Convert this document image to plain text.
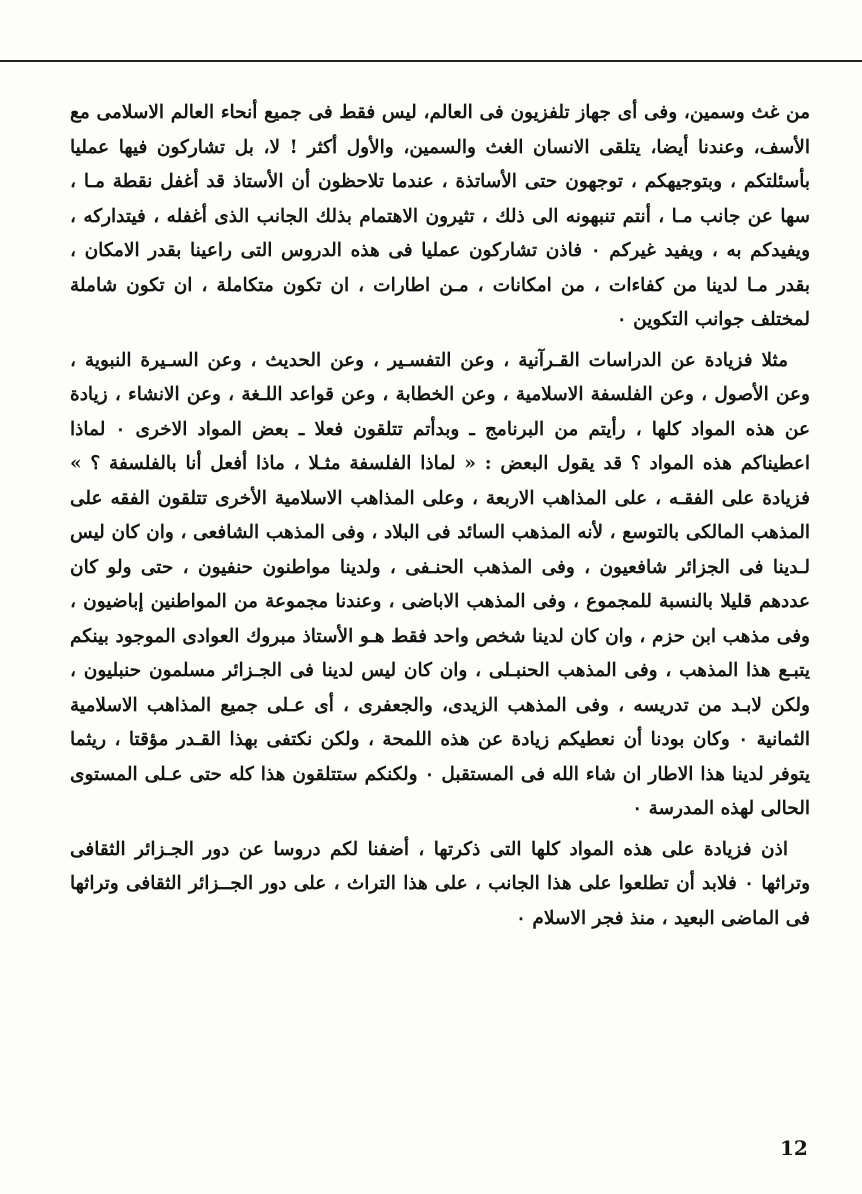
من غث وسمين، وفى أى جهاز تلفزيون فى العالم، ليس فقط فى جميع أنحاء العالم الاسلامى مع الأسف، وعندنا أيضا، يتلقى الانسان الغث والسمين، والأول أكثر ! لا، بل تشاركون فيها عمليا بأسئلتكم ، وبتوجيهكم ، توجهون حتى الأساتذة ، عندما تلاحظون أن الأستاذ قد أغفل نقطة مـا ، سها عن جانب مـا ، أنتم تنبهونه الى ذلك ، تثيرون الاهتمام بذلك الجانب الذى أغفله ، فيتداركه ، ويفيدكم به ، ويفيد غيركم ٠ فاذن تشاركون عمليا فى هذه الدروس التى راعينا بقدر الامكان ، بقدر مـا لدينا من كفاءات ، من امكانات ، مـن اطارات ، ان تكون متكاملة ، ان تكون شاملة لمختلف جوانب التكوين ٠

مثلا فزيادة عن الدراسات القـرآنية ، وعن التفسـير ، وعن الحديث ، وعن السـيرة النبوية ، وعن الأصول ، وعن الفلسفة الاسلامية ، وعن الخطابة ، وعن قواعد اللـغة ، وعن الانشاء ، زيادة عن هذه المواد كلها ، رأيتم من البرنامج ـ وبدأتم تتلقون فعلا ـ بعض المواد الاخرى ٠ لماذا اعطيناكم هذه المواد ؟ قد يقول البعض : « لماذا الفلسفة مثـلا ، ماذا أفعل أنا بالفلسفة ؟ » فزيادة على الفقـه ، على المذاهب الاربعة ، وعلى المذاهب الاسلامية الأخرى تتلقون الفقه على المذهب المالكى بالتوسع ، لأنه المذهب السائد فى البلاد ، وفى المذهب الشافعى ، وان كان ليس لـدينا فى الجزائر شافعيون ، وفى المذهب الحنـفى ، ولدينا مواطنون حنفيون ، حتى ولو كان عددهم قليلا بالنسبة للمجموع ، وفى المذهب الاباضى ، وعندنا مجموعة من المواطنين إباضيون ، وفى مذهب ابن حزم ، وان كان لدينا شخص واحد فقط هـو الأستاذ مبروك العوادى الموجود بينكم يتبـع هذا المذهب ، وفى المذهب الحنبـلى ، وان كان ليس لدينا فى الجـزائر مسلمون حنبليون ، ولكن لابـد من تدريسه ، وفى المذهب الزيدى، والجعفرى ، أى عـلى جميع المذاهب الاسلامية الثمانية ٠ وكان بودنا أن نعطيكم زيادة عن هذه اللمحة ، ولكن نكتفى بهذا القـدر مؤقتا ، ريثما يتوفر لدينا هذا الاطار ان شاء الله فى المستقبل ٠ ولكنكم ستتلقون هذا كله حتى عـلى المستوى الحالى لهذه المدرسة ٠

اذن فزيادة على هذه المواد كلها التى ذكرتها ، أضفنا لكم دروسا عن دور الجـزائر الثقافى وتراثها ٠ فلابد أن تطلعوا على هذا الجانب ، على هذا التراث ، على دور الجــزائر الثقافى وتراثها فى الماضى البعيد ، منذ فجر الاسلام ٠

12
